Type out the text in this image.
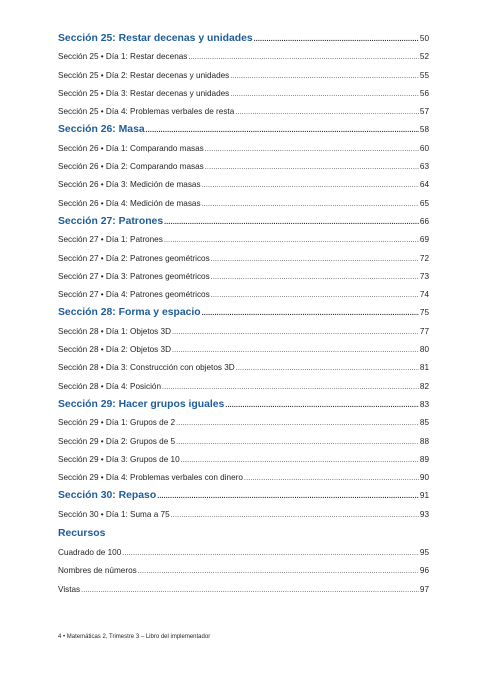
Sección 25: Restar decenas y unidades .....	50
Sección 25 • Día 1: Restar decenas .....	52
Sección 25 • Día 2: Restar decenas y unidades .....	55
Sección 25 • Día 3: Restar decenas y unidades .....	56
Sección 25 • Día 4: Problemas verbales de resta .....	57
Sección 26: Masa .....	58
Sección 26 • Día 1: Comparando masas .....	60
Sección 26 • Día 2: Comparando masas .....	63
Sección 26 • Día 3: Medición de masas .....	64
Sección 26 • Día 4: Medición de masas .....	65
Sección 27: Patrones .....	66
Sección 27 • Día 1: Patrones .....	69
Sección 27 • Día 2: Patrones geométricos .....	72
Sección 27 • Día 3: Patrones geométricos .....	73
Sección 27 • Día 4: Patrones geométricos .....	74
Sección 28: Forma y espacio .....	75
Sección 28 • Día 1: Objetos 3D .....	77
Sección 28 • Día 2: Objetos 3D .....	80
Sección 28 • Día 3: Construcción con objetos 3D .....	81
Sección 28 • Día 4: Posición .....	82
Sección 29: Hacer grupos iguales .....	83
Sección 29 • Día 1: Grupos de 2 .....	85
Sección 29 • Día 2: Grupos de 5 .....	88
Sección 29 • Día 3: Grupos de 10 .....	89
Sección 29 • Día 4: Problemas verbales con dinero .....	90
Sección 30: Repaso .....	91
Sección 30 • Día 1: Suma a 75 .....	93
Recursos
Cuadrado de 100 .....	95
Nombres de números .....	96
Vistas .....	97
4 • Matemáticas 2, Trimestre 3 – Libro del implementador
